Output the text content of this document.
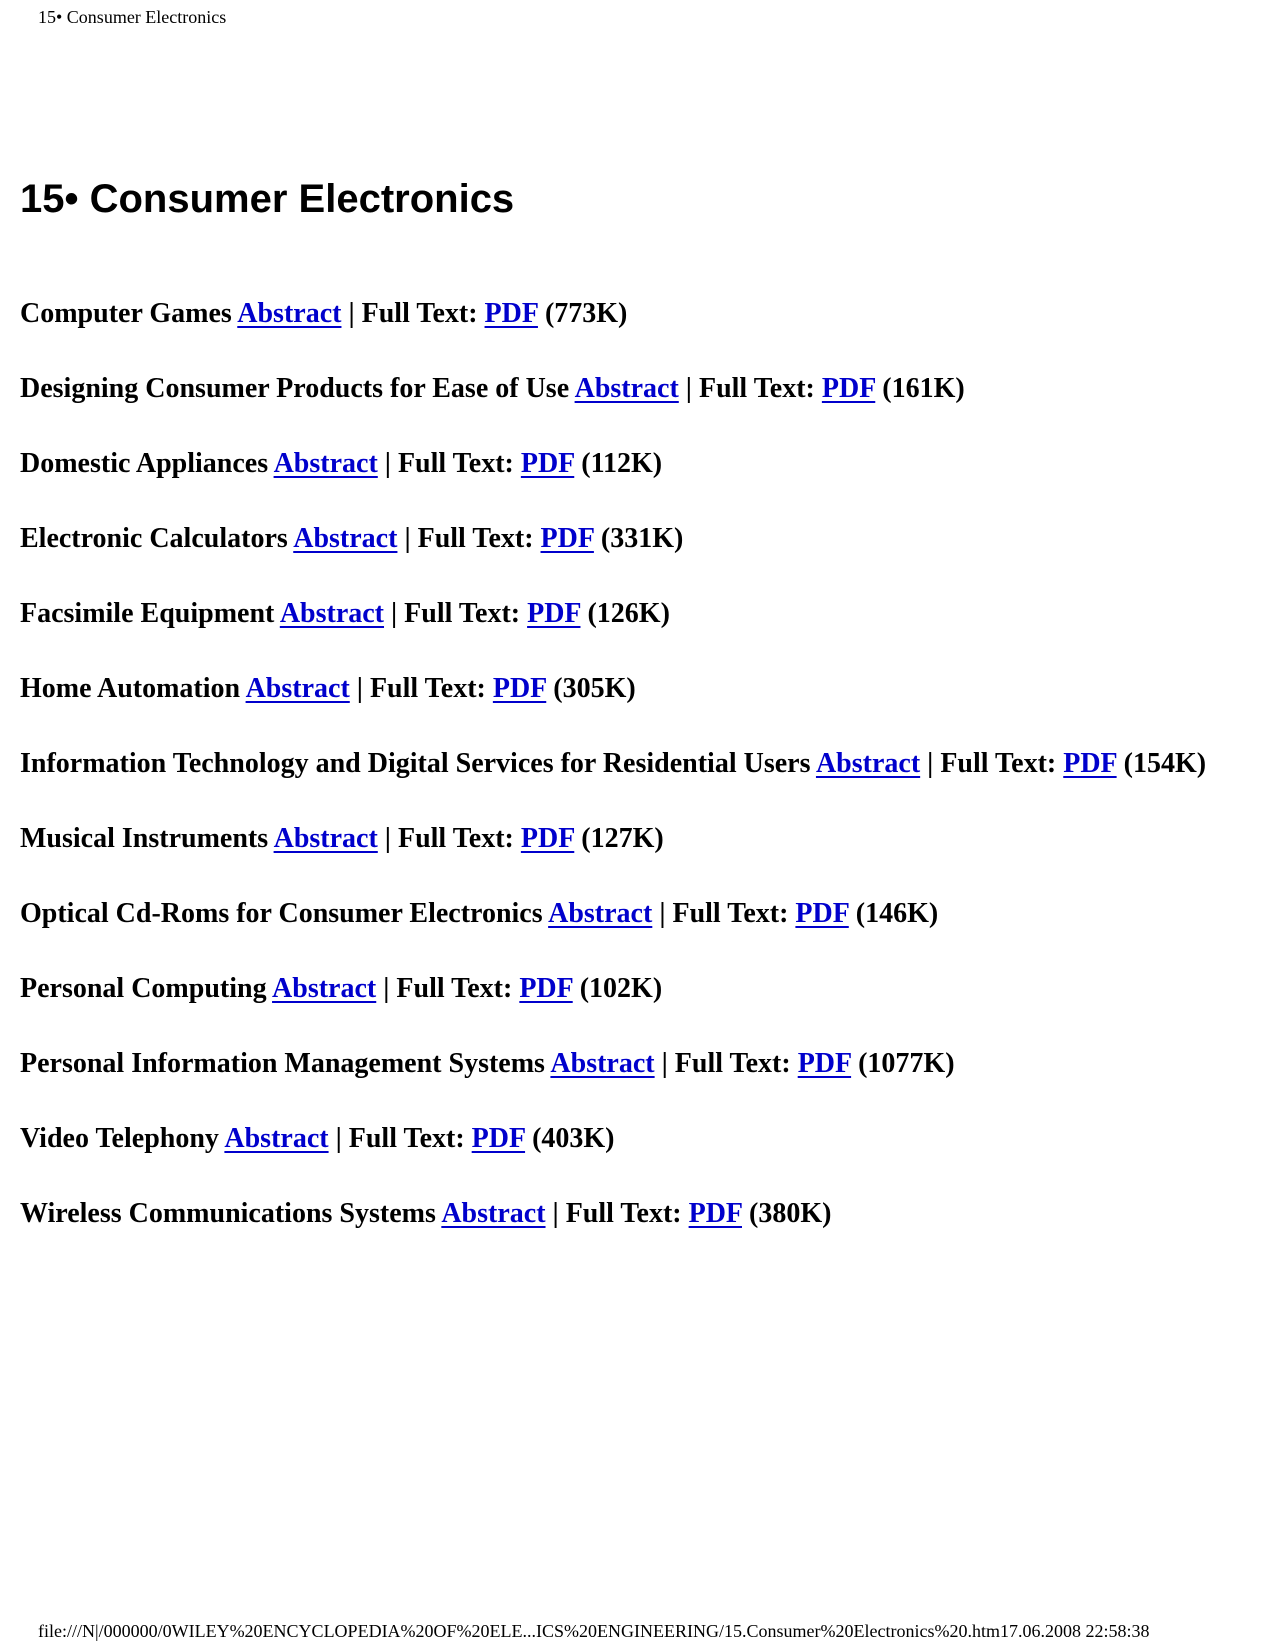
15• Consumer Electronics
15• Consumer Electronics

Computer Games Abstract | Full Text: PDF (773K)

Designing Consumer Products for Ease of Use Abstract | Full Text: PDF (161K)

Domestic Appliances Abstract | Full Text: PDF (112K)

Electronic Calculators Abstract | Full Text: PDF (331K)

Facsimile Equipment Abstract | Full Text: PDF (126K)

Home Automation Abstract | Full Text: PDF (305K)

Information Technology and Digital Services for Residential Users Abstract | Full Text: PDF (154K)

Musical Instruments Abstract | Full Text: PDF (127K)

Optical Cd-Roms for Consumer Electronics Abstract | Full Text: PDF (146K)

Personal Computing Abstract | Full Text: PDF (102K)

Personal Information Management Systems Abstract | Full Text: PDF (1077K)

Video Telephony Abstract | Full Text: PDF (403K)

Wireless Communications Systems Abstract | Full Text: PDF (380K)

file:///N|/000000/0WILEY%20ENCYCLOPEDIA%20OF%20ELE...ICS%20ENGINEERING/15.Consumer%20Electronics%20.htm17.06.2008 22:58:38
